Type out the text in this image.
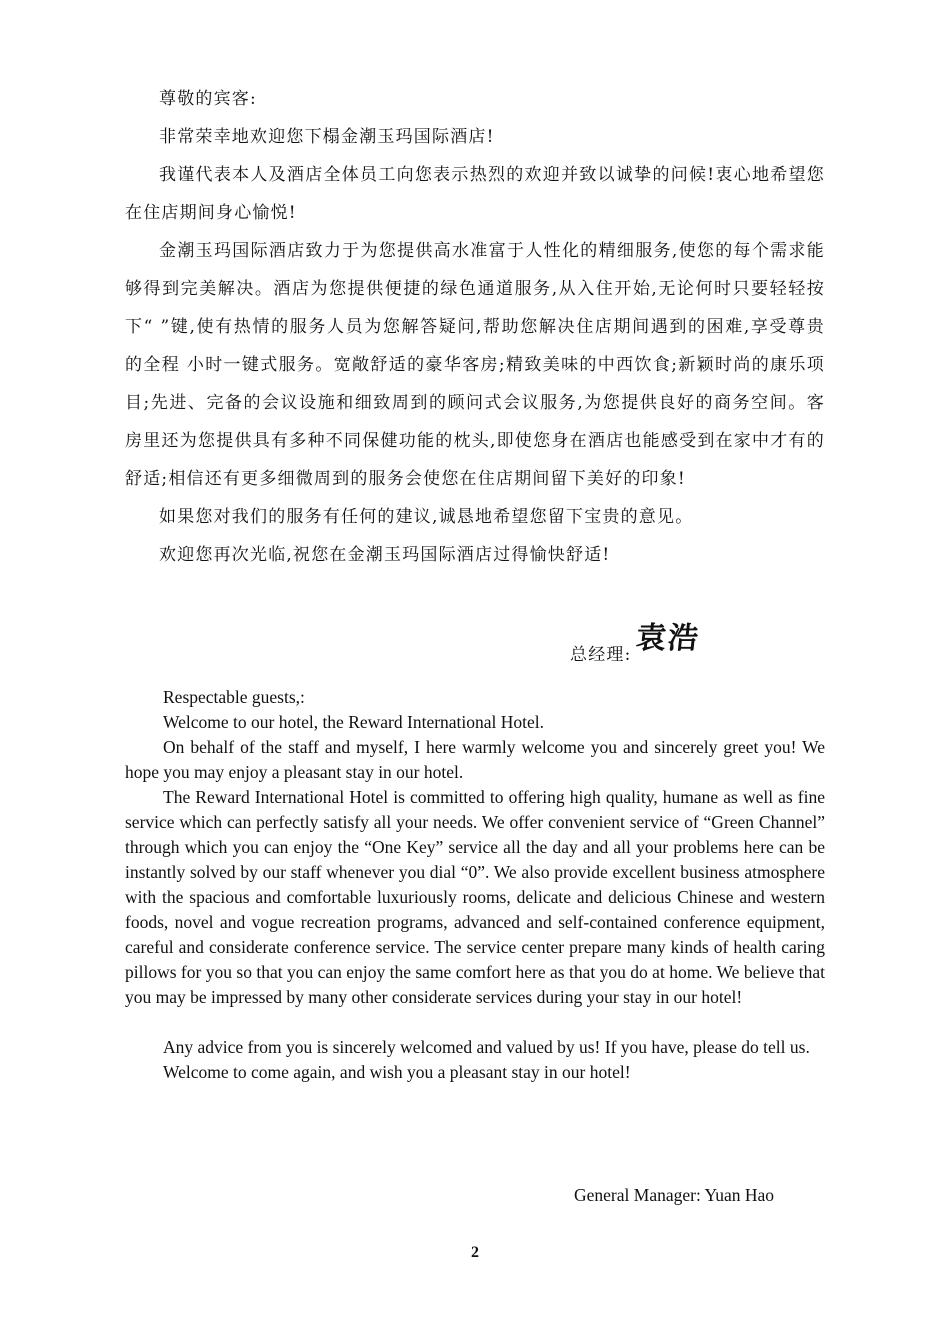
尊敬的宾客:

非常荣幸地欢迎您下榻金潮玉玛国际酒店!

我谨代表本人及酒店全体员工向您表示热烈的欢迎并致以诚挚的问候!衷心地希望您在住店期间身心愉悦!

金潮玉玛国际酒店致力于为您提供高水准富于人性化的精细服务,使您的每个需求能够得到完美解决。酒店为您提供便捷的绿色通道服务,从入住开始,无论何时只要轻轻按下“ ”键,使有热情的服务人员为您解答疑问,帮助您解决住店期间遇到的困难,享受尊贵的全程 小时一键式服务。宽敞舒适的豪华客房;精致美味的中西饮食;新颖时尚的康乐项目;先进、完备的会议设施和细致周到的顾问式会议服务,为您提供良好的商务空间。客房里还为您提供具有多种不同保健功能的枕头,即使您身在酒店也能感受到在家中才有的舒适;相信还有更多细微周到的服务会使您在住店期间留下美好的印象!

如果您对我们的服务有任何的建议,诚恳地希望您留下宝贵的意见。

欢迎您再次光临,祝您在金潮玉玛国际酒店过得愉快舒适!

总经理:袁浩

Respectable guests,:

Welcome to our hotel, the Reward International Hotel.

On behalf of the staff and myself, I here warmly welcome you and sincerely greet you! We hope you may enjoy a pleasant stay in our hotel.

The Reward International Hotel is committed to offering high quality, humane as well as fine service which can perfectly satisfy all your needs. We offer convenient service of “Green Channel” through which you can enjoy the “One Key” service all the day and all your problems here can be instantly solved by our staff whenever you dial “0”. We also provide excellent business atmosphere with the spacious and comfortable luxuriously rooms, delicate and delicious Chinese and western foods, novel and vogue recreation programs, advanced and self-contained conference equipment, careful and considerate conference service. The service center prepare many kinds of health caring pillows for you so that you can enjoy the same comfort here as that you do at home. We believe that you may be impressed by many other considerate services during your stay in our hotel!

Any advice from you is sincerely welcomed and valued by us! If you have, please do tell us.

Welcome to come again, and wish you a pleasant stay in our hotel!

General Manager: Yuan Hao
2
